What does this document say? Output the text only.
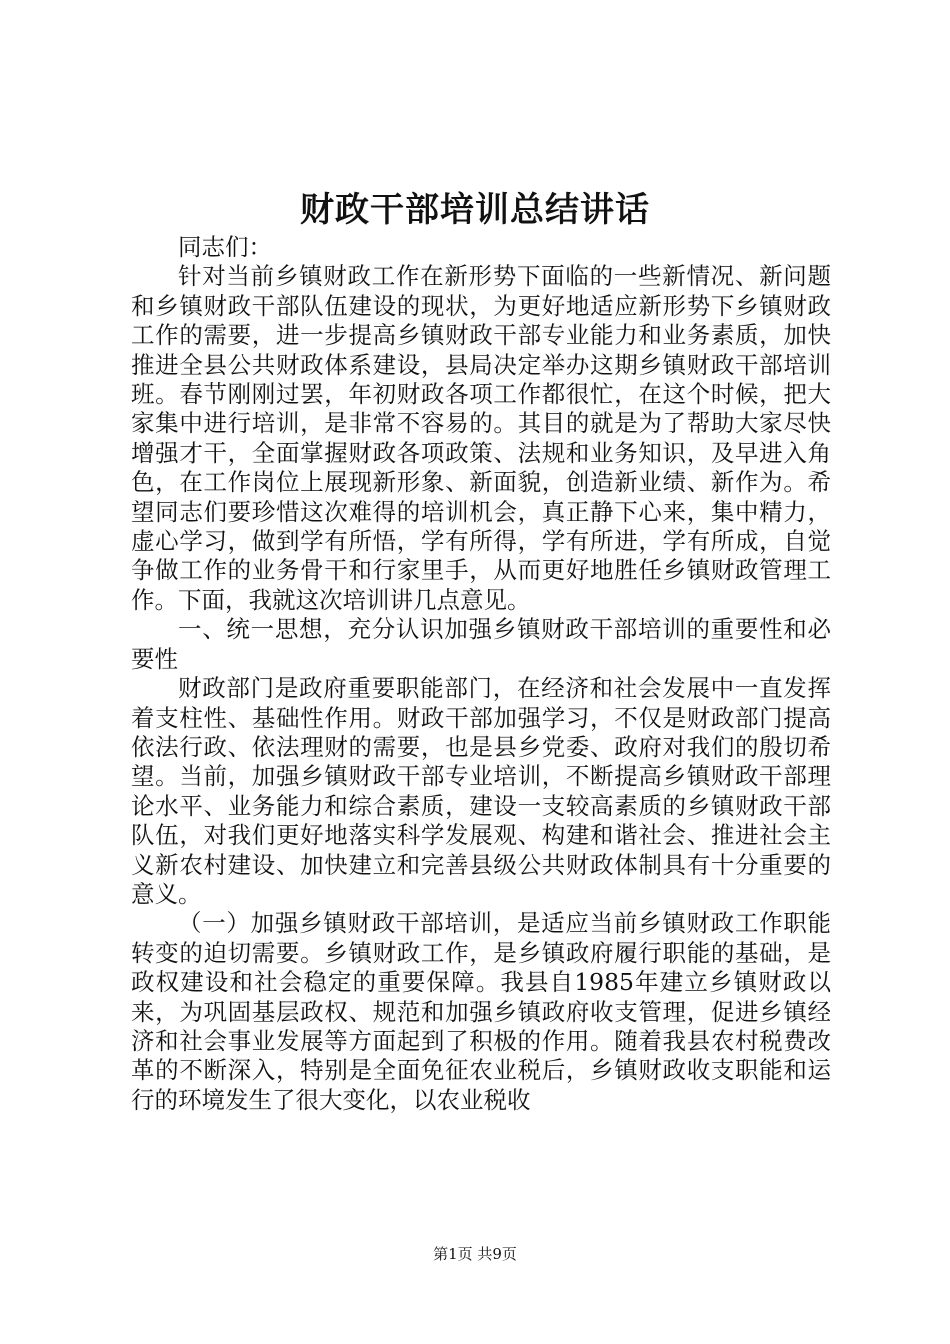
财政干部培训总结讲话

同志们：

针对当前乡镇财政工作在新形势下面临的一些新情况、新问题和乡镇财政干部队伍建设的现状，为更好地适应新形势下乡镇财政工作的需要，进一步提高乡镇财政干部专业能力和业务素质，加快推进全县公共财政体系建设，县局决定举办这期乡镇财政干部培训班。春节刚刚过罢，年初财政各项工作都很忙，在这个时候，把大家集中进行培训，是非常不容易的。其目的就是为了帮助大家尽快增强才干，全面掌握财政各项政策、法规和业务知识，及早进入角色，在工作岗位上展现新形象、新面貌，创造新业绩、新作为。希望同志们要珍惜这次难得的培训机会，真正静下心来，集中精力，虚心学习，做到学有所悟，学有所得，学有所进，学有所成，自觉争做工作的业务骨干和行家里手，从而更好地胜任乡镇财政管理工作。下面，我就这次培训讲几点意见。

一、统一思想，充分认识加强乡镇财政干部培训的重要性和必要性

财政部门是政府重要职能部门，在经济和社会发展中一直发挥着支柱性、基础性作用。财政干部加强学习，不仅是财政部门提高依法行政、依法理财的需要，也是县乡党委、政府对我们的殷切希望。当前，加强乡镇财政干部专业培训，不断提高乡镇财政干部理论水平、业务能力和综合素质，建设一支较高素质的乡镇财政干部队伍，对我们更好地落实科学发展观、构建和谐社会、推进社会主义新农村建设、加快建立和完善县级公共财政体制具有十分重要的意义。

（一）加强乡镇财政干部培训，是适应当前乡镇财政工作职能转变的迫切需要。乡镇财政工作，是乡镇政府履行职能的基础，是政权建设和社会稳定的重要保障。我县自1985年建立乡镇财政以来，为巩固基层政权、规范和加强乡镇政府收支管理，促进乡镇经济和社会事业发展等方面起到了积极的作用。随着我县农村税费改革的不断深入，特别是全面免征农业税后，乡镇财政收支职能和运行的环境发生了很大变化，以农业税收

第1页 共9页
